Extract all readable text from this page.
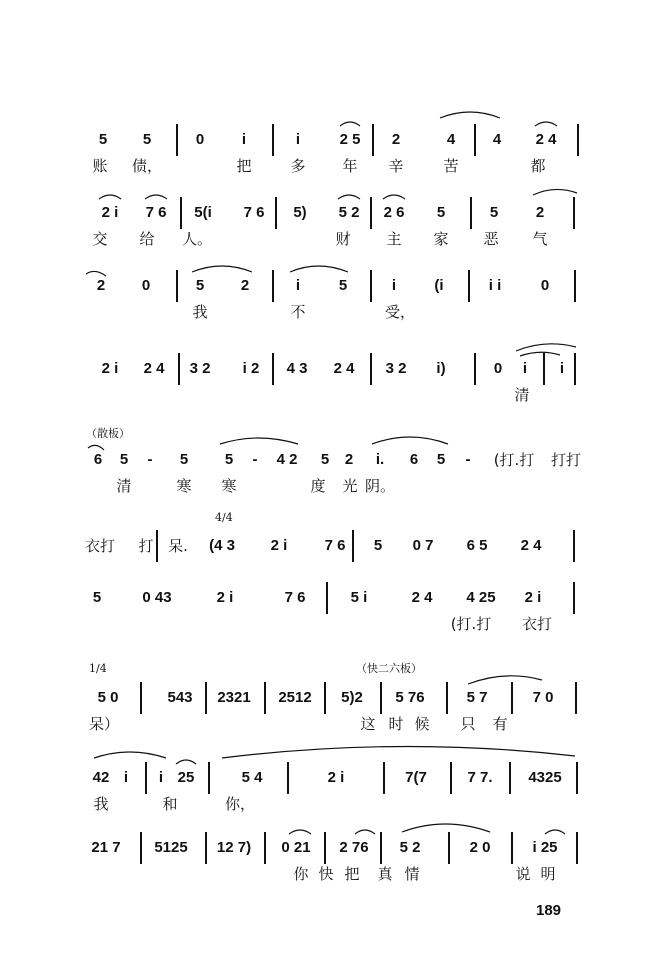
5 5	0	i	i	2 5 2	4	4 2 4
账 债，	把	多 年 辛	苦	都
2 i 7 6 5(i 7 6 5) 5 2 2 6 5	5	2
交 给 人。	财 主 家 恶 气
2 0	5 2	i	5	i	(i	i i	0
我	不	受，
2 i 2 4 3 2 i 2 4 3 2 4 3 2 i)	0 i i
清
（散板）
6 5 - 5 5 - 4 2 5 2 i. 6 5 - (打.打 打打
清	寒 寒	度 光 阴。
4/4
衣打 打 呆. (4 3 2 i 7 6 5 0 7 6 5 2 4
5	0 43	2 i	7 6	5 i	2 4 4 25 2 i
(打.打 衣打
1/4	（快二六板）
5 0	543 2321 2512 5)2 5 76	5 7	7 0
呆）	这 时 候 只 有
42 i i 25	5 4	2 i	7(7	7 7. 4325
我	和	你，
21 7 5125 12 7) 0 21 2 76 5 2	2 0	i 25
你 快 把 真 情	说 明
189
